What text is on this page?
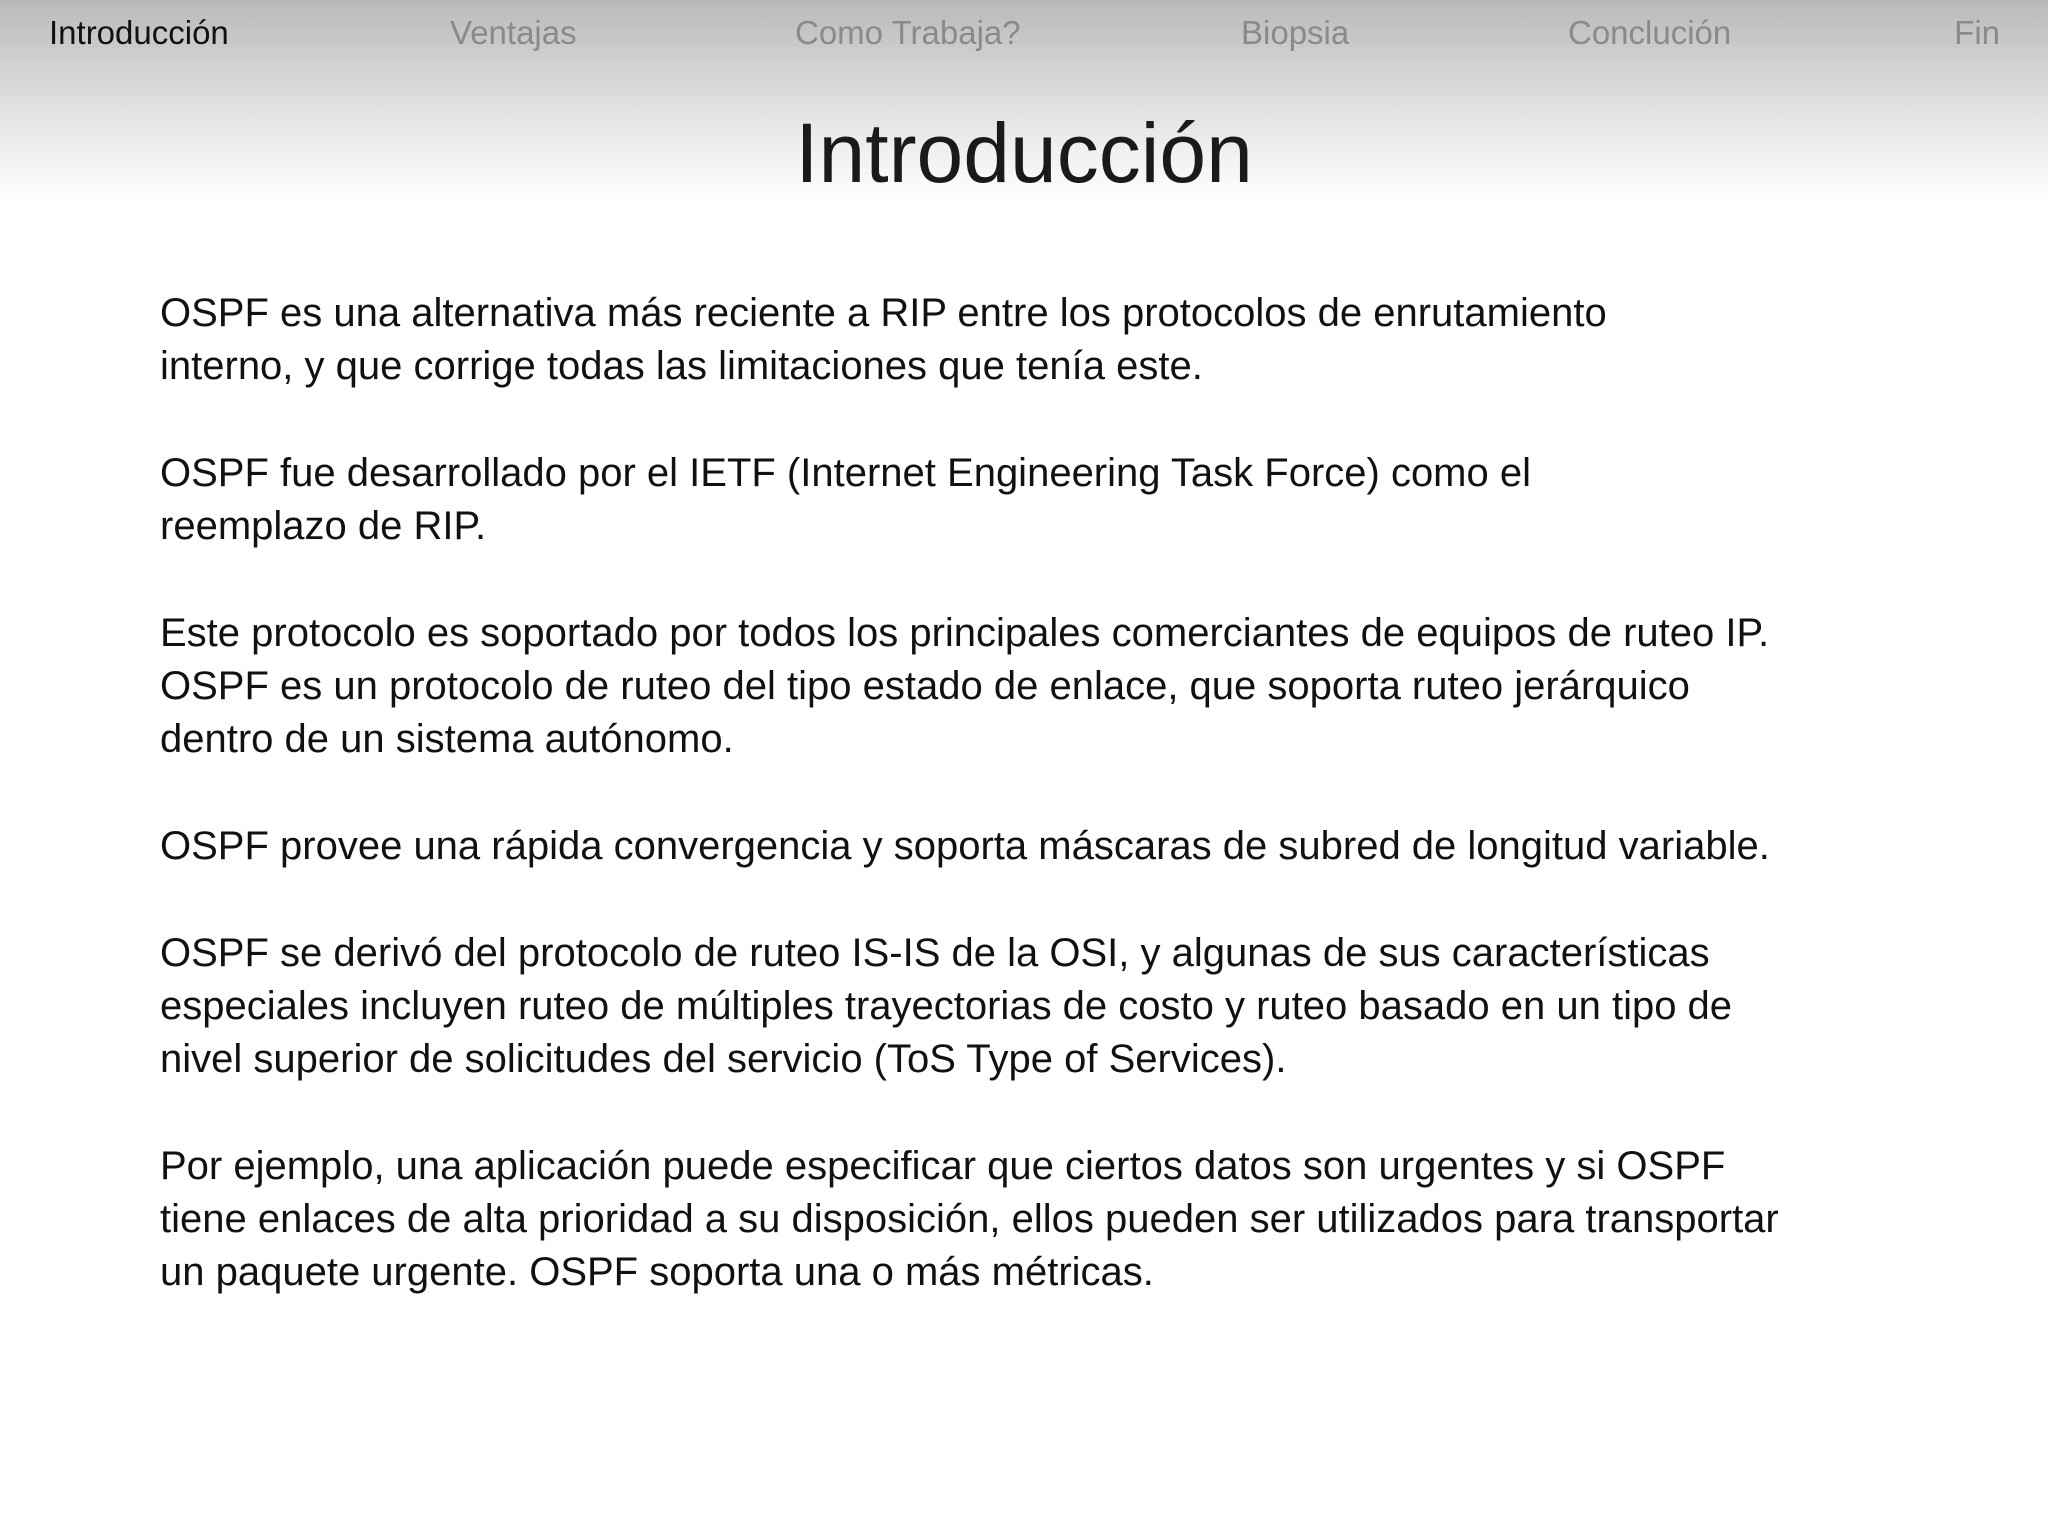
Introducción	Ventajas	Como Trabaja?	Biopsia	Conclución	Fin
Introducción

OSPF es una alternativa más reciente a RIP entre los protocolos de enrutamiento
interno, y que corrige todas las limitaciones que tenía este.

OSPF fue desarrollado por el IETF (Internet Engineering Task Force) como el
reemplazo de RIP.

Este protocolo es soportado por todos los principales comerciantes de equipos de ruteo IP.
OSPF es un protocolo de ruteo del tipo estado de enlace, que soporta ruteo jerárquico
dentro de un sistema autónomo.

OSPF provee una rápida convergencia y soporta máscaras de subred de longitud variable.

OSPF se derivó del protocolo de ruteo IS-IS de la OSI, y algunas de sus características
especiales incluyen ruteo de múltiples trayectorias de costo y ruteo basado en un tipo de
nivel superior de solicitudes del servicio (ToS Type of Services).

Por ejemplo, una aplicación puede especificar que ciertos datos son urgentes y si OSPF
tiene enlaces de alta prioridad a su disposición, ellos pueden ser utilizados para transportar
un paquete urgente. OSPF soporta una o más métricas.
